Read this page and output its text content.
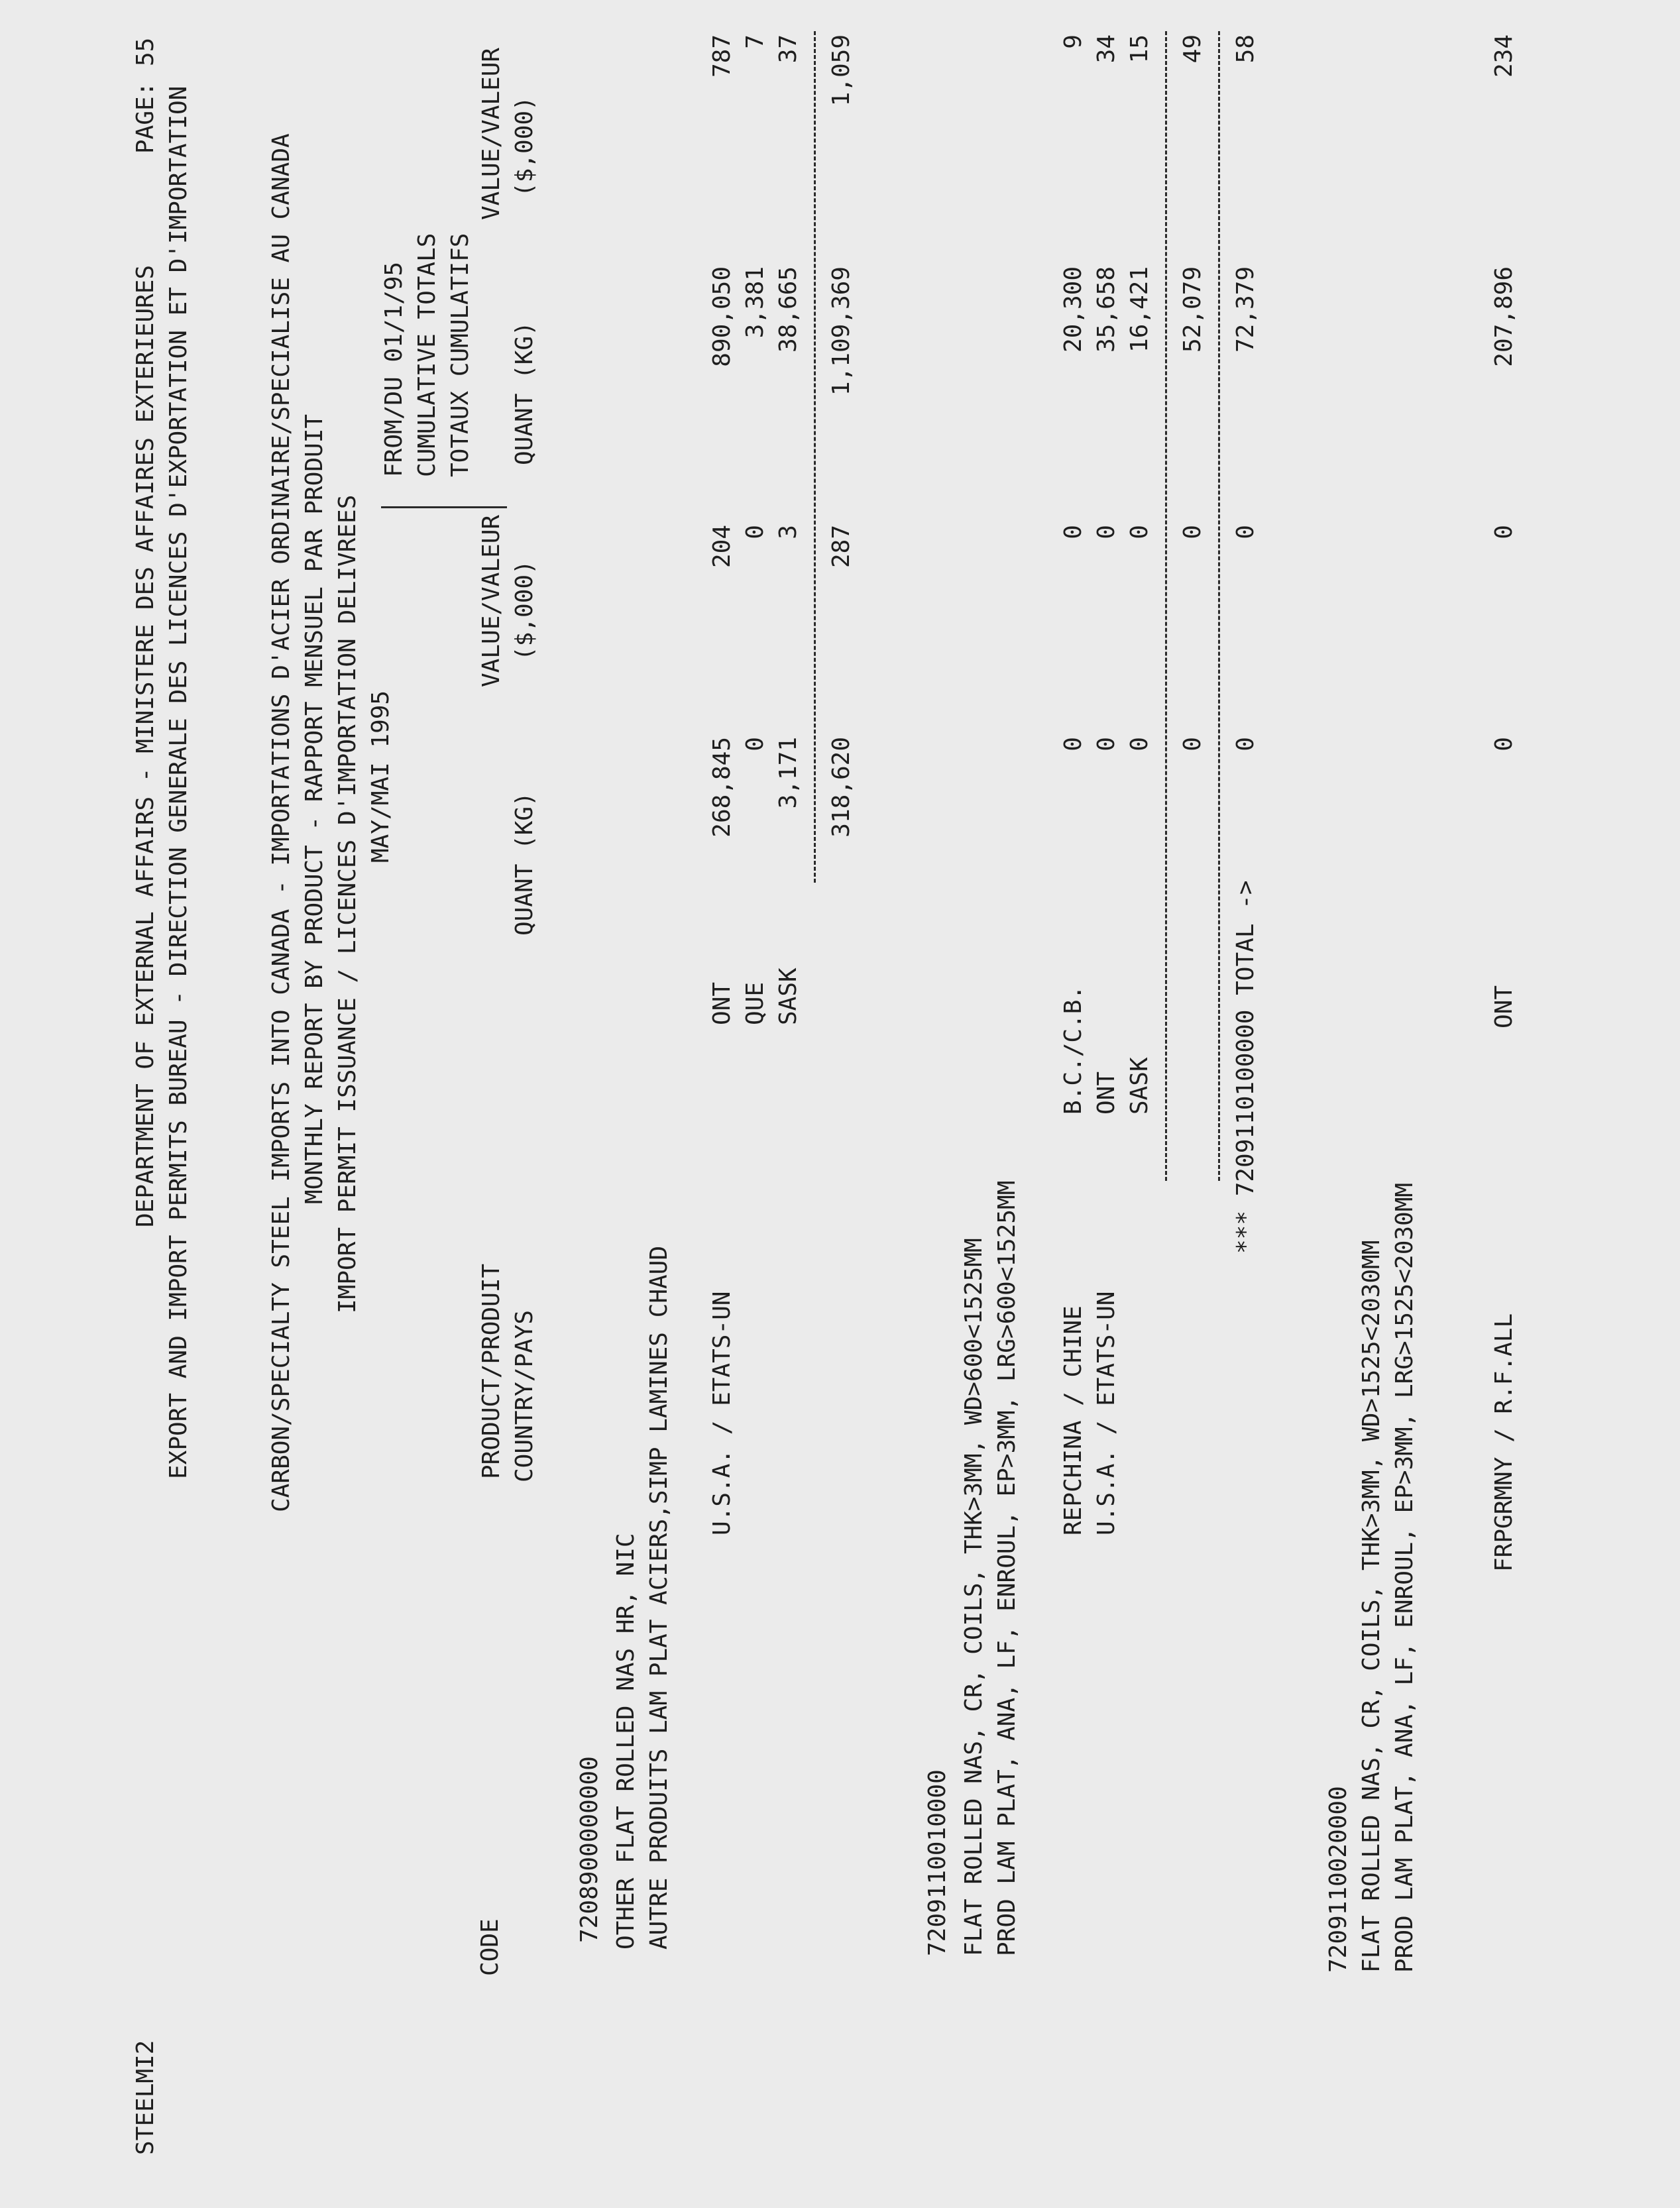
STEELMI2
DEPARTMENT OF EXTERNAL AFFAIRS - MINISTERE DES AFFAIRES EXTERIEURES EXPORT AND IMPORT PERMITS BUREAU - DIRECTION GENERALE DES LICENCES D'EXPORTATION ET D'IMPORTATION
PAGE:
55
CARBON/SPECIALTY STEEL IMPORTS INTO CANADA - IMPORTATIONS D'ACIER ORDINAIRE/SPECIALISE AU CANADA MONTHLY REPORT BY PRODUCT - RAPPORT MENSUEL PAR PRODUIT IMPORT PERMIT ISSUANCE / LICENCES D'IMPORTATION DELIVREES MAY/MAI 1995
FROM/DU 01/1/95 CUMULATIVE TOTALS TOTAUX CUMULATIFS
VALUE/VALEUR
VALUE/VALEUR
CODE
PRODUCT/PRODUIT COUNTRY/PAYS
QUANT (KG)
($,000)
QUANT (KG)
($,000)
7208900000000 OTHER FLAT ROLLED NAS HR, NIC AUTRE PRODUITS LAM PLAT ACIERS,SIMP LAMINES CHAUD U.S.A. / ETATS-UN
ONT
268,845
204
890,050
787
QUE
0
0
3,381
7
SASK
3,171
3
38,665
37
318,620
287
1,109,369
1,059
7209110010000 FLAT ROLLED NAS, CR, COILS, THK>3MM, WD>600<1525MM PROD LAM PLAT, ANA, LF, ENROUL, EP>3MM, LRG>600<1525MM REPCHINA / CHINE
B.C./C.B.
0
0
20,300
9
U.S.A. / ETATS-UN
ONT
0
0
35,658
34
SASK
0
0
16,421
15
0
0
52,079
49
*** 7209110100000 TOTAL ->
0
0
72,379
58
7209110020000 FLAT ROLLED NAS, CR, COILS, THK>3MM, WD>1525<2030MM PROD LAM PLAT, ANA, LF, ENROUL, EP>3MM, LRG>1525<2030MM	FRPGRMNY / R.F.ALL
ONT
0
0
207,896
234
